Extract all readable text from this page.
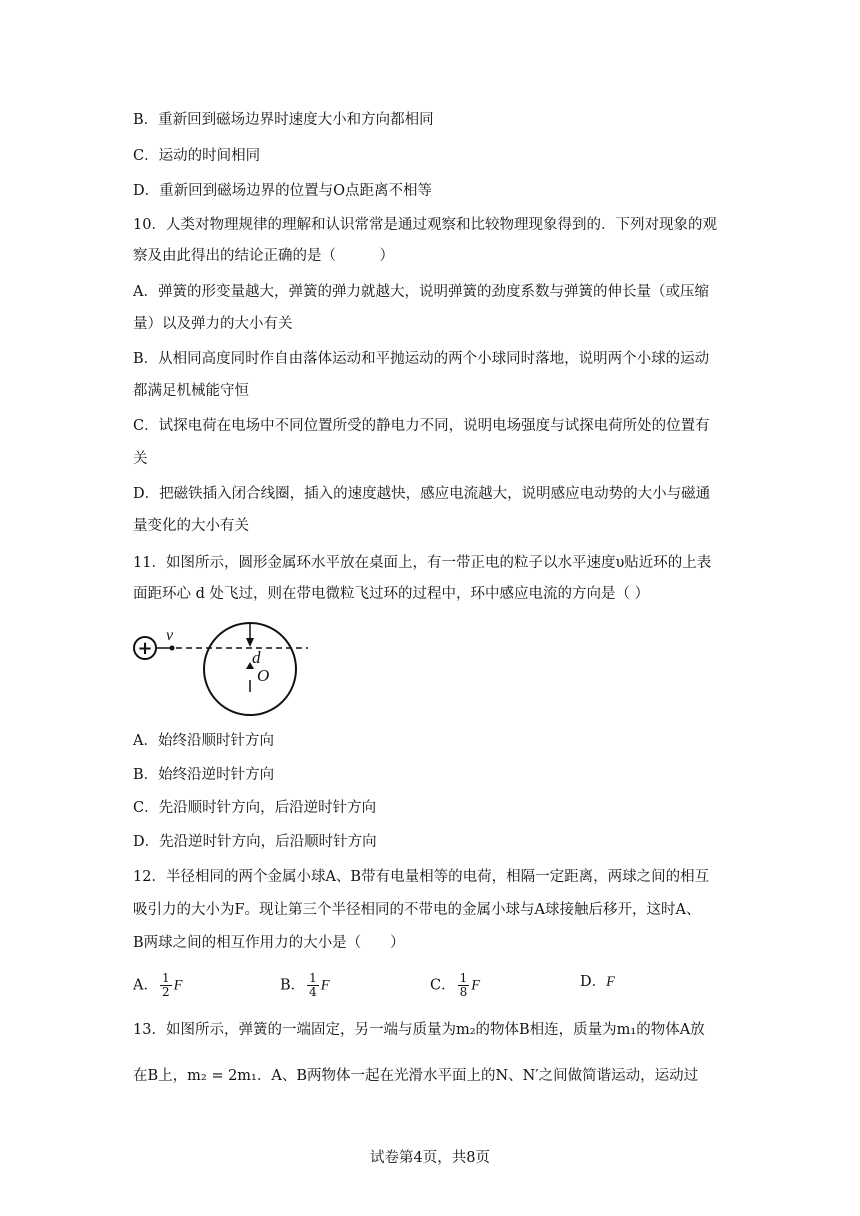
B．重新回到磁场边界时速度大小和方向都相同
C．运动的时间相同
D．重新回到磁场边界的位置与O点距离不相等
10．人类对物理规律的理解和认识常常是通过观察和比较物理现象得到的．下列对现象的观
察及由此得出的结论正确的是（　　　）
A．弹簧的形变量越大，弹簧的弹力就越大，说明弹簧的劲度系数与弹簧的伸长量（或压缩
量）以及弹力的大小有关
B．从相同高度同时作自由落体运动和平抛运动的两个小球同时落地，说明两个小球的运动
都满足机械能守恒
C．试探电荷在电场中不同位置所受的静电力不同，说明电场强度与试探电荷所处的位置有
关
D．把磁铁插入闭合线圈，插入的速度越快，感应电流越大，说明感应电动势的大小与磁通
量变化的大小有关
11．如图所示，圆形金属环水平放在桌面上，有一带正电的粒子以水平速度υ贴近环的上表
面距环心 d 处飞过，则在带电微粒飞过环的过程中，环中感应电流的方向是（ ）
+
v
d
O
A．始终沿顺时针方向
B．始终沿逆时针方向
C．先沿顺时针方向，后沿逆时针方向
D．先沿逆时针方向，后沿顺时针方向
12．半径相同的两个金属小球A、B带有电量相等的电荷，相隔一定距离，两球之间的相互
吸引力的大小为F。现让第三个半径相同的不带电的金属小球与A球接触后移开，这时A、
B两球之间的相互作用力的大小是（　　）
A． $\frac{1}{2}$ F	B． $\frac{1}{4}$ F	C． $\frac{1}{8}$ F	D．F
13．如图所示，弹簧的一端固定，另一端与质量为m₂的物体B相连，质量为m₁的物体A放
在B上，m₂ = 2m₁．A、B两物体一起在光滑水平面上的N、N′之间做简谐运动，运动过
试卷第4页，共8页
